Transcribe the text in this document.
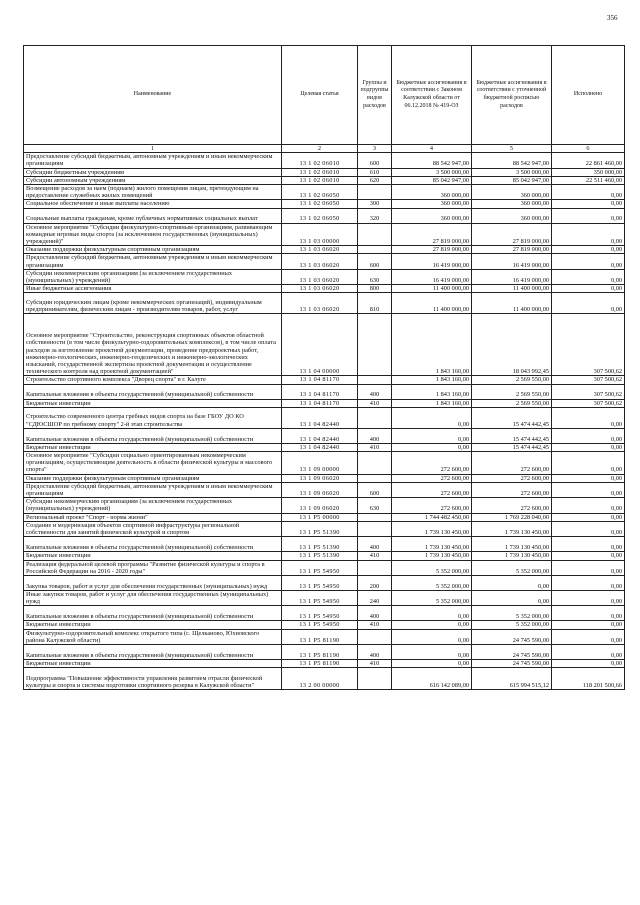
356
Наименование	Целевая статья	Группы и подгруппы видов расходов	Бюджетные ассигнования в соответствии с Законом Калужской области от 06.12.2018 № 419-ОЗ	Бюджетные ассигнования в соответствии с уточненной бюджетной росписью расходов	Исполнено
1	2	3	4	5	6
Предоставление субсидий бюджетным, автономным учреждениям и иным некоммерческим организациям	13 1 02 06010	600	88 542 947,00	88 542 947,00	22 861 460,00
Субсидии бюджетным учреждениям	13 1 02 06010	610	3 500 000,00	3 500 000,00	350 000,00
Субсидии автономным учреждениям	13 1 02 06010	620	85 042 947,00	85 042 947,00	22 511 460,00
Возмещение расходов за наем (поднаем) жилого помещения лицам, претендующим на предоставление служебных жилых помещений	13 1 02 06050		360 000,00	360 000,00	0,00
Социальное обеспечение и иные выплаты населению	13 1 02 06050	300	360 000,00	360 000,00	0,00
Социальные выплаты гражданам, кроме публичных нормативных социальных выплат	13 1 02 06050	320	360 000,00	360 000,00	0,00
Основное мероприятие "Субсидии физкультурно-спортивным организациям, развивающим командные игровые виды спорта (за исключением государственных (муниципальных) учреждений)"	13 1 03 00000		27 819 000,00	27 819 000,00	0,00
Оказание поддержки физкультурным спортивным организациям	13 1 03 06020		27 819 000,00	27 819 000,00	0,00
Предоставление субсидий бюджетным, автономным учреждениям и иным некоммерческим организациям	13 1 03 06020	600	16 419 000,00	16 419 000,00	0,00
Субсидии некоммерческим организациям (за исключением государственных (муниципальных) учреждений)	13 1 03 06020	630	16 419 000,00	16 419 000,00	0,00
Иные бюджетные ассигнования	13 1 03 06020	800	11 400 000,00	11 400 000,00	0,00
Субсидии юридическим лицам (кроме некоммерческих организаций), индивидуальным предпринимателям, физическим лицам - производителям товаров, работ, услуг	13 1 03 06020	810	11 400 000,00	11 400 000,00	0,00
Основное мероприятие "Строительство, реконструкция спортивных объектов областной собственности (в том числе физкультурно-оздоровительных комплексов), в том числе оплата расходов за изготовление проектной документации, проведение предпроектных работ, инженерно-геологических, инженерно-геодезических и инженерно-экологических изысканий, государственной экспертизы проектной документации и осуществление технического контроля над проектной документацией"	13 1 04 00000		1 843 160,00	18 043 992,45	307 500,62
Строительство спортивного комплекса "Дворец спорта" в г. Калуге	13 1 04 81170		1 843 160,00	2 569 550,00	307 500,62
Капитальные вложения в объекты государственной (муниципальной) собственности	13 1 04 81170	400	1 843 160,00	2 569 550,00	307 500,62
Бюджетные инвестиции	13 1 04 81170	410	1 843 160,00	2 569 550,00	307 500,62
Строительство современного центра гребных видов спорта на базе ГБОУ ДО КО "СДЮСШОР по гребному спорту" 2-й этап строительства	13 1 04 82440		0,00	15 474 442,45	0,00
Капитальные вложения в объекты государственной (муниципальной) собственности	13 1 04 82440	400	0,00	15 474 442,45	0,00
Бюджетные инвестиции	13 1 04 82440	410	0,00	15 474 442,45	0,00
Основное мероприятие "Субсидии социально ориентированным некоммерческим организациям, осуществляющим деятельность в области физической культуры и массового спорта"	13 1 09 00000		272 600,00	272 600,00	0,00
Оказание поддержки физкультурным спортивным организациям	13 1 09 06020		272 600,00	272 600,00	0,00
Предоставление субсидий бюджетным, автономным учреждениям и иным некоммерческим организациям	13 1 09 06020	600	272 600,00	272 600,00	0,00
Субсидии некоммерческим организациям (за исключением государственных (муниципальных) учреждений)	13 1 09 06020	630	272 600,00	272 600,00	0,00
Региональный проект "Спорт - норма жизни"	13 1 P5 00000		1 744 482 450,00	1 769 228 040,00	0,00
Создание и модернизация объектов спортивной инфраструктуры региональной собственности для занятий физической культурой и спортом	13 1 P5 51390		1 739 130 450,00	1 739 130 450,00	0,00
Капитальные вложения в объекты государственной (муниципальной) собственности	13 1 P5 51390	400	1 739 130 450,00	1 739 130 450,00	0,00
Бюджетные инвестиции	13 1 P5 51390	410	1 739 130 450,00	1 739 130 450,00	0,00
Реализация федеральной целевой программы "Развитие физической культуры и спорта в Российской Федерации на 2016 - 2020 годы"	13 1 P5 54950		5 352 000,00	5 352 000,00	0,00
Закупка товаров, работ и услуг для обеспечения государственных (муниципальных) нужд	13 1 P5 54950	200	5 352 000,00	0,00	0,00
Иные закупки товаров, работ и услуг для обеспечения государственных (муниципальных) нужд	13 1 P5 54950	240	5 352 000,00	0,00	0,00
Капитальные вложения в объекты государственной (муниципальной) собственности	13 1 P5 54950	400	0,00	5 352 000,00	0,00
Бюджетные инвестиции	13 1 P5 54950	410	0,00	5 352 000,00	0,00
Физкультурно-оздоровительный комплекс открытого типа (с. Щелканово, Юхновского района Калужской области)	13 1 P5 81190		0,00	24 745 590,00	0,00
Капитальные вложения в объекты государственной (муниципальной) собственности	13 1 P5 81190	400	0,00	24 745 590,00	0,00
Бюджетные инвестиции	13 1 P5 81190	410	0,00	24 745 590,00	0,00
Подпрограмма "Повышение эффективности управления развитием отрасли физической культуры и спорта и системы подготовки спортивного резерва в Калужской области"	13 2 00 00000		616 142 089,00	615 994 515,12	118 201 500,66
